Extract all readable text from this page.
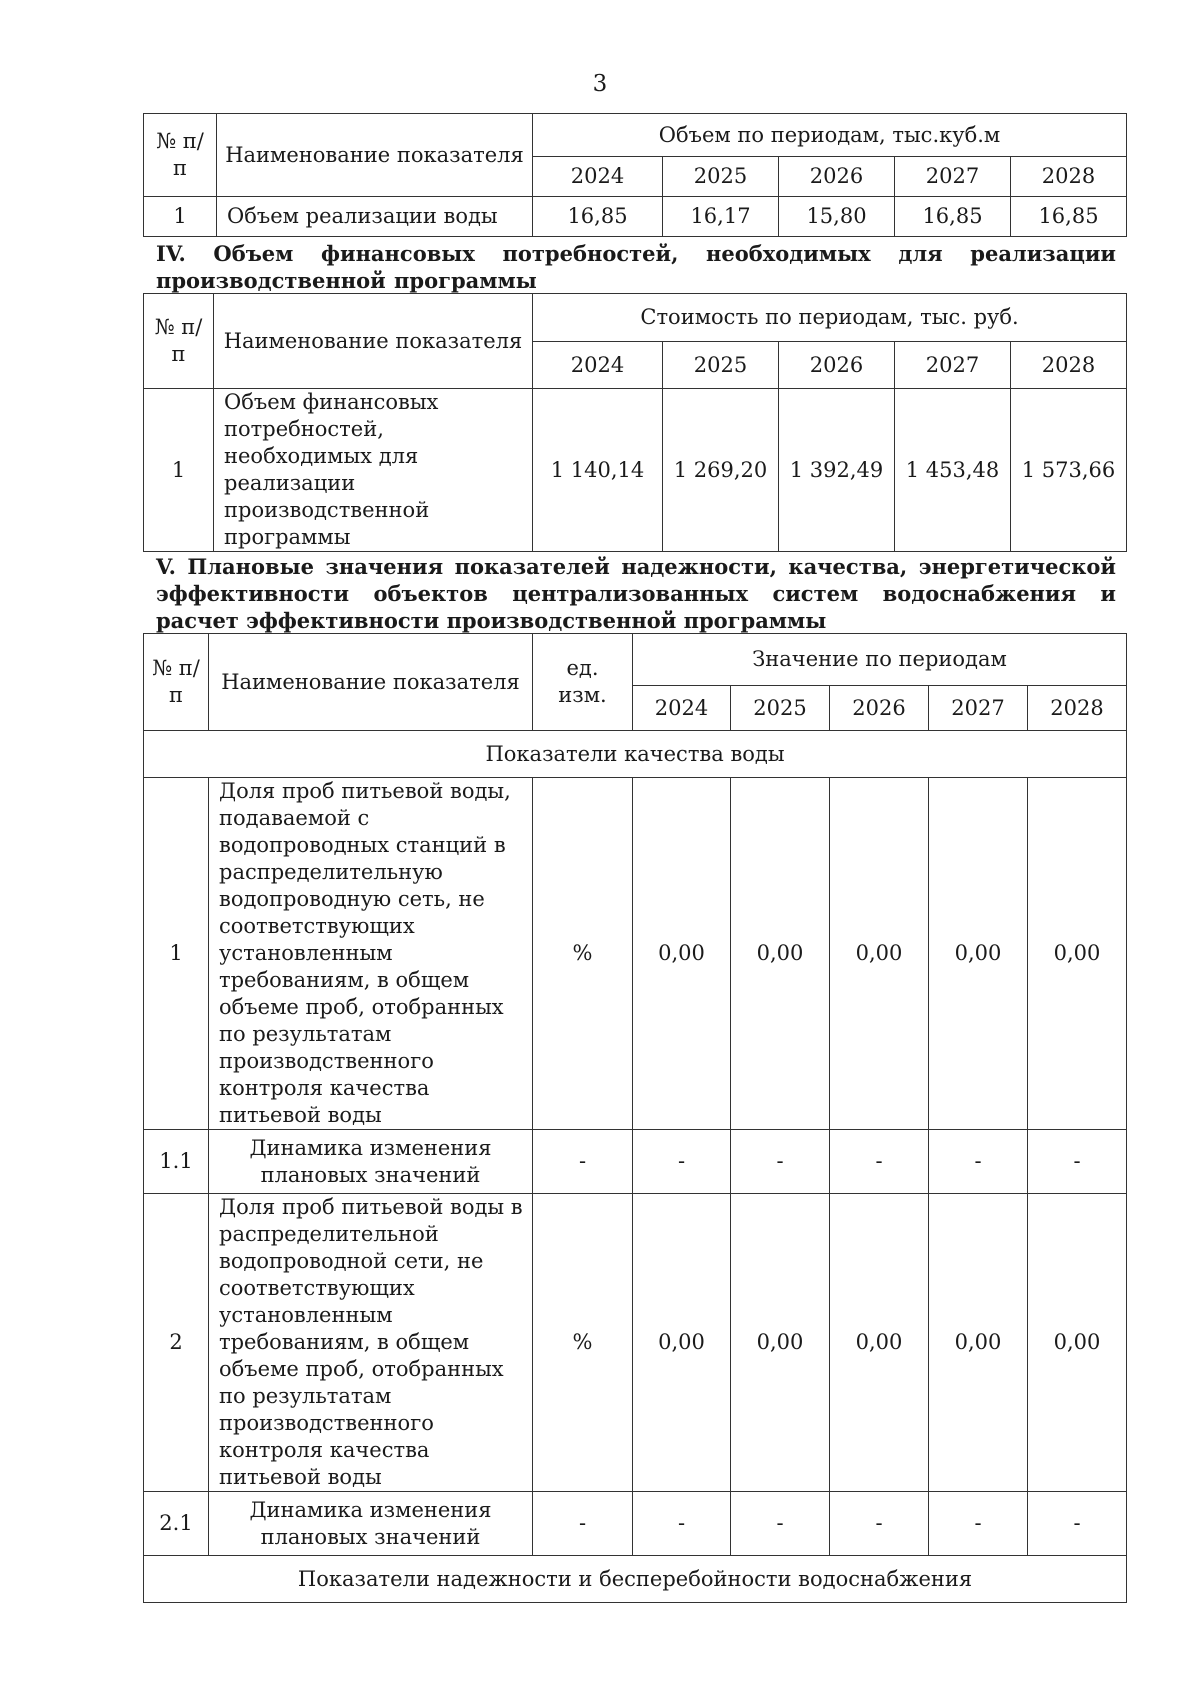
3
№ п/п	Наименование показателя	Объем по периодам, тыс.куб.м				
		2024	2025	2026	2027	2028
1	Объем реализации воды	16,85	16,17	15,80	16,85	16,85
IV. Объем финансовых потребностей, необходимых для реализации производственной программы
№ п/п	Наименование показателя	Стоимость по периодам, тыс. руб.				
		2024	2025	2026	2027	2028
1	Объем финансовых потребностей, необходимых для реализации производственной программы	1 140,14	1 269,20	1 392,49	1 453,48	1 573,66
V. Плановые значения показателей надежности, качества, энергетической эффективности объектов централизованных систем водоснабжения и расчет эффективности производственной программы
№ п/п	Наименование показателя	ед. изм.	Значение по периодам				
			2024	2025	2026	2027	2028
Показатели качества воды							
1	Доля проб питьевой воды, подаваемой с водопроводных станций в распределительную водопроводную сеть, не соответствующих установленным требованиям, в общем объеме проб, отобранных по результатам производственного контроля качества питьевой воды	%	0,00	0,00	0,00	0,00	0,00
1.1	Динамика изменения плановых значений	-	-	-	-	-	-
2	Доля проб питьевой воды в распределительной водопроводной сети, не соответствующих установленным требованиям, в общем объеме проб, отобранных по результатам производственного контроля качества питьевой воды	%	0,00	0,00	0,00	0,00	0,00
2.1	Динамика изменения плановых значений	-	-	-	-	-	-
Показатели надежности и бесперебойности водоснабжения							
